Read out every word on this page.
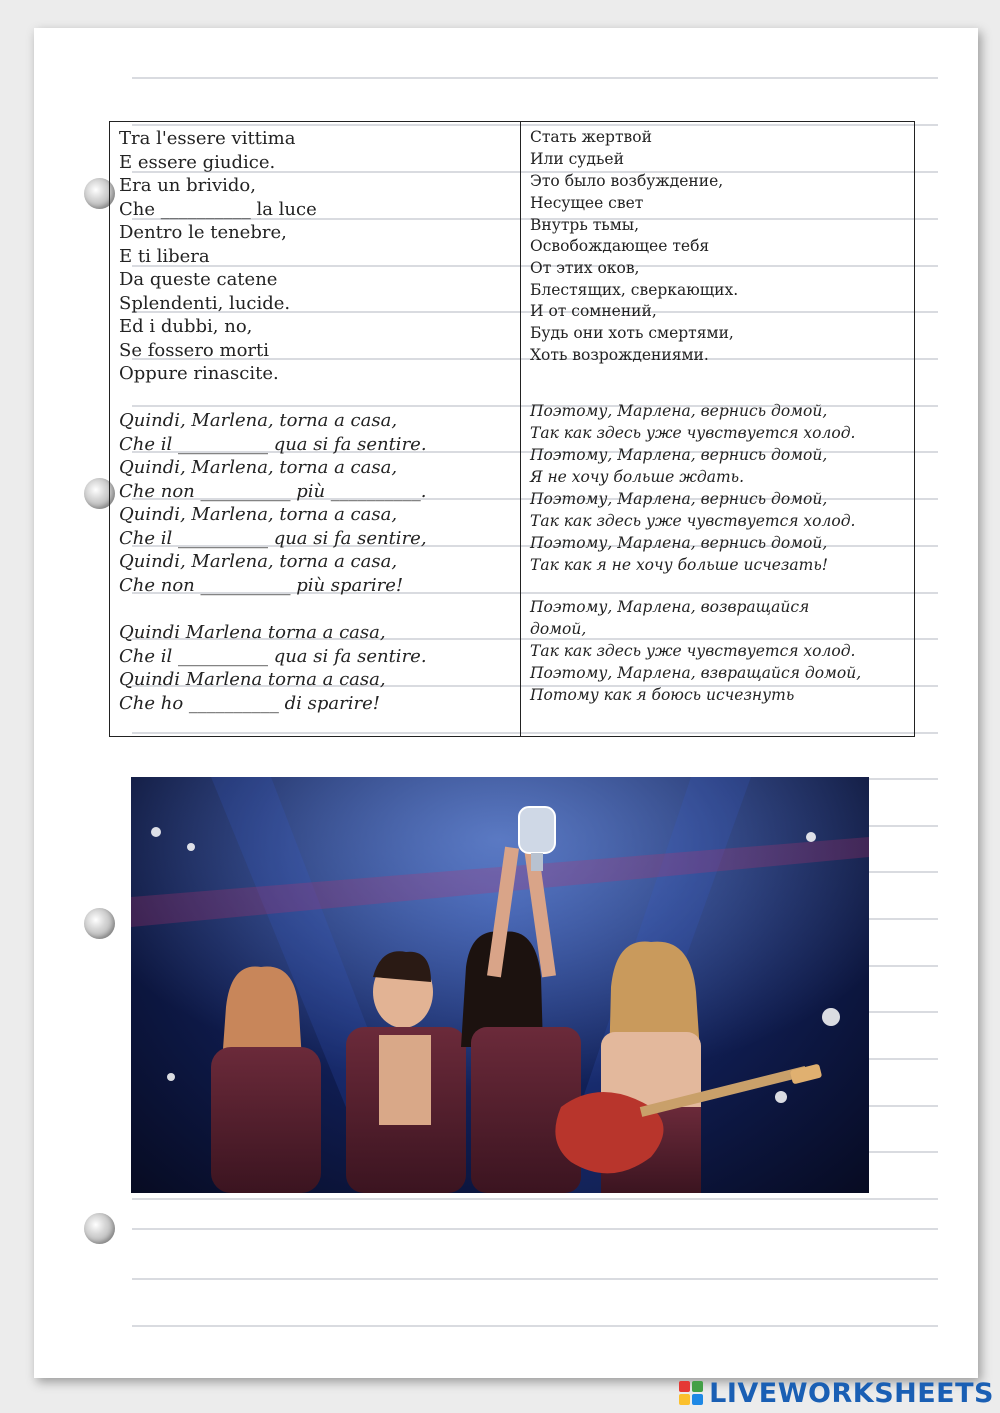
Tra l'essere vittima
E essere giudice.
Era un brivido,
Che __________ la luce
Dentro le tenebre,
E ti libera
Da queste catene
Splendenti, lucide.
Ed i dubbi, no,
Se fossero morti
Oppure rinascite.
Quindi, Marlena, torna a casa,
Che il __________ qua si fa sentire.
Quindi, Marlena, torna a casa,
Che non __________ più __________.
Quindi, Marlena, torna a casa,
Che il __________ qua si fa sentire,
Quindi, Marlena, torna a casa,
Che non __________ più sparire!
Quindi Marlena torna a casa,
Che il __________ qua si fa sentire.
Quindi Marlena torna a casa,
Che ho __________ di sparire!
Стать жертвой
Или судьей
Это было возбуждение,
Несущее свет
Внутрь тьмы,
Освобождающее тебя
От этих оков,
Блестящих, сверкающих.
И от сомнений,
Будь они хоть смертями,
Хоть возрождениями.
Поэтому, Марлена, вернись домой,
Так как здесь уже чувствуется холод.
Поэтому, Марлена, вернись домой,
Я не хочу больше ждать.
Поэтому, Марлена, вернись домой,
Так как здесь уже чувствуется холод.
Поэтому, Марлена, вернись домой,
Так как я не хочу больше исчезать!
Поэтому, Марлена, возвращайся
домой,
Так как здесь уже чувствуется холод.
Поэтому, Марлена, взвращайся домой,
Потому как я боюсь исчезнуть
LIVEWORKSHEETS
